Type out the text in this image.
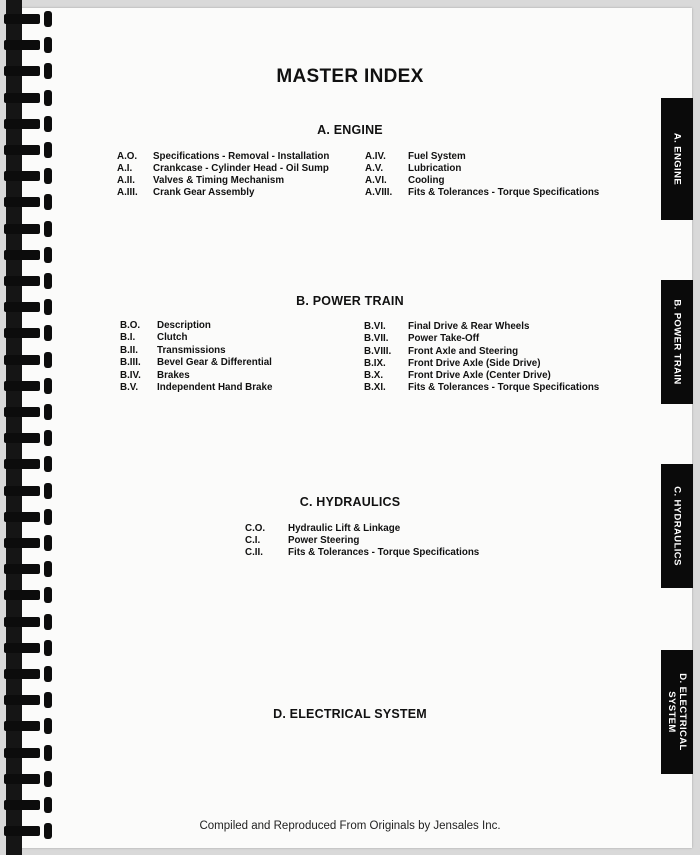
MASTER INDEX
A. ENGINE
A.O. Specifications - Removal - Installation
A.I. Crankcase - Cylinder Head - Oil Sump
A.II. Valves & Timing Mechanism
A.III. Crank Gear Assembly
A.IV. Fuel System
A.V.	Lubrication
A.VI. Cooling
A.VIII. Fits & Tolerances - Torque Specifications
B. POWER TRAIN
B.O. Description
B.I. Clutch
B.II. Transmissions
B.III. Bevel Gear & Differential
B.IV. Brakes
B.V. Independent Hand Brake
B.VI. Final Drive & Rear Wheels
B.VII. Power Take-Off
B.VIII. Front Axle and Steering
B.IX. Front Drive Axle (Side Drive)
B.X.	Front Drive Axle (Center Drive)
B.XI. Fits & Tolerances - Torque Specifications
C. HYDRAULICS
C.O. Hydraulic Lift & Linkage
C.I.	Power Steering
C.II.	Fits & Tolerances - Torque Specifications
D. ELECTRICAL SYSTEM
A. ENGINE
B. POWER TRAIN
C. HYDRAULICS
D. ELECTRICAL
SYSTEM
Compiled and Reproduced From Originals by Jensales Inc.
